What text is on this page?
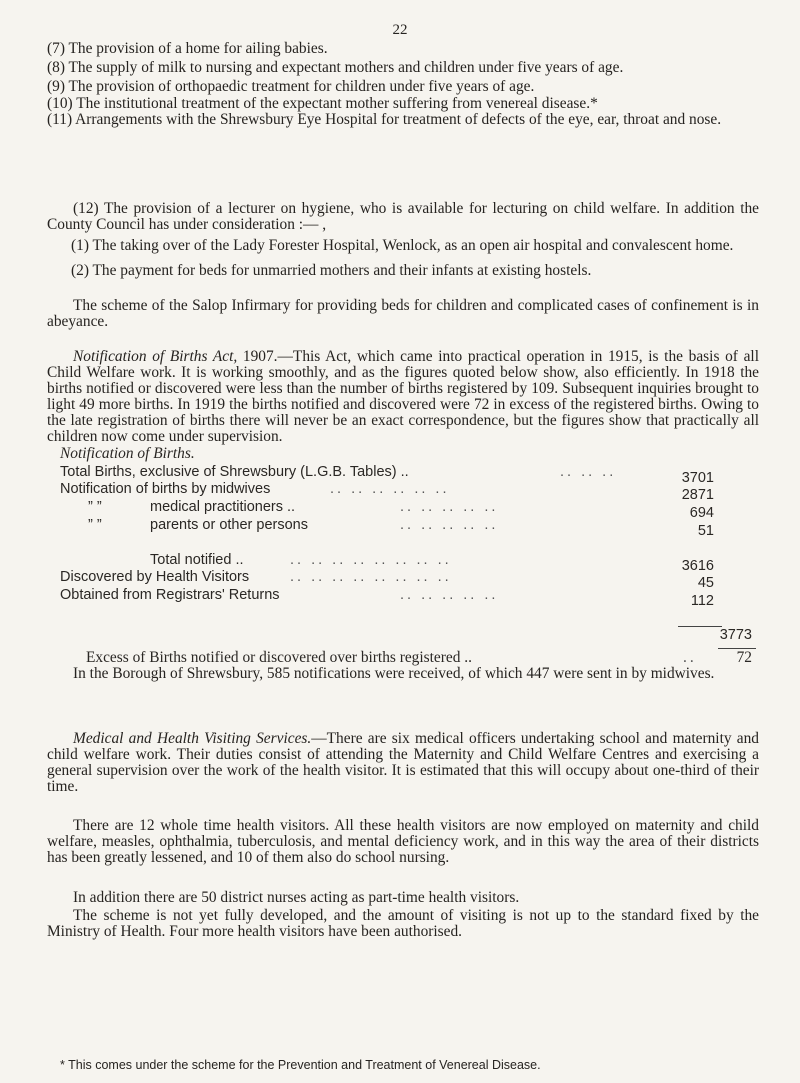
22

(7) The provision of a home for ailing babies.

(8) The supply of milk to nursing and expectant mothers and children under five years of age.

(9) The provision of orthopaedic treatment for children under five years of age.

(10) The institutional treatment of the expectant mother suffering from venereal disease.*

(11) Arrangements with the Shrewsbury Eye Hospital for treatment of defects of the eye, ear, throat and nose.

(12) The provision of a lecturer on hygiene, who is available for lecturing on child welfare. In addition the County Council has under consideration :— ,

(1) The taking over of the Lady Forester Hospital, Wenlock, as an open air hospital and convalescent home.

(2) The payment for beds for unmarried mothers and their infants at existing hostels.

The scheme of the Salop Infirmary for providing beds for children and complicated cases of confinement is in abeyance.

Notification of Births Act, 1907.—This Act, which came into practical operation in 1915, is the basis of all Child Welfare work. It is working smoothly, and as the figures quoted below show, also efficiently. In 1918 the births notified or discovered were less than the number of births registered by 109. Subsequent inquiries brought to light 49 more births. In 1919 the births notified and discovered were 72 in excess of the registered births. Owing to the late registration of births there will never be an exact correspondence, but the figures show that practically all children now come under supervision.

Notification of Births.
Total Births, exclusive of Shrewsbury (L.G.B. Tables) ..	.. .. ..	3701
Notification of births by midwives	.. .. .. .. .. ..	2871
” ”	medical practitioners ..	.. .. .. .. ..	694
” ”	parents or other persons	.. .. .. .. ..	51
Total notified ..	.. .. .. .. .. .. .. ..	3616
Discovered by Health Visitors	.. .. .. .. .. .. .. ..	45
Obtained from Registrars' Returns	.. .. .. .. ..	112
3773
Excess of Births notified or discovered over births registered ..	..	72

In the Borough of Shrewsbury, 585 notifications were received, of which 447 were sent in by midwives.

Medical and Health Visiting Services.—There are six medical officers undertaking school and maternity and child welfare work. Their duties consist of attending the Maternity and Child Welfare Centres and exercising a general supervision over the work of the health visitor. It is estimated that this will occupy about one-third of their time.

There are 12 whole time health visitors. All these health visitors are now employed on maternity and child welfare, measles, ophthalmia, tuberculosis, and mental deficiency work, and in this way the area of their districts has been greatly lessened, and 10 of them also do school nursing.

In addition there are 50 district nurses acting as part-time health visitors.

The scheme is not yet fully developed, and the amount of visiting is not up to the standard fixed by the Ministry of Health. Four more health visitors have been authorised.

* This comes under the scheme for the Prevention and Treatment of Venereal Disease.
